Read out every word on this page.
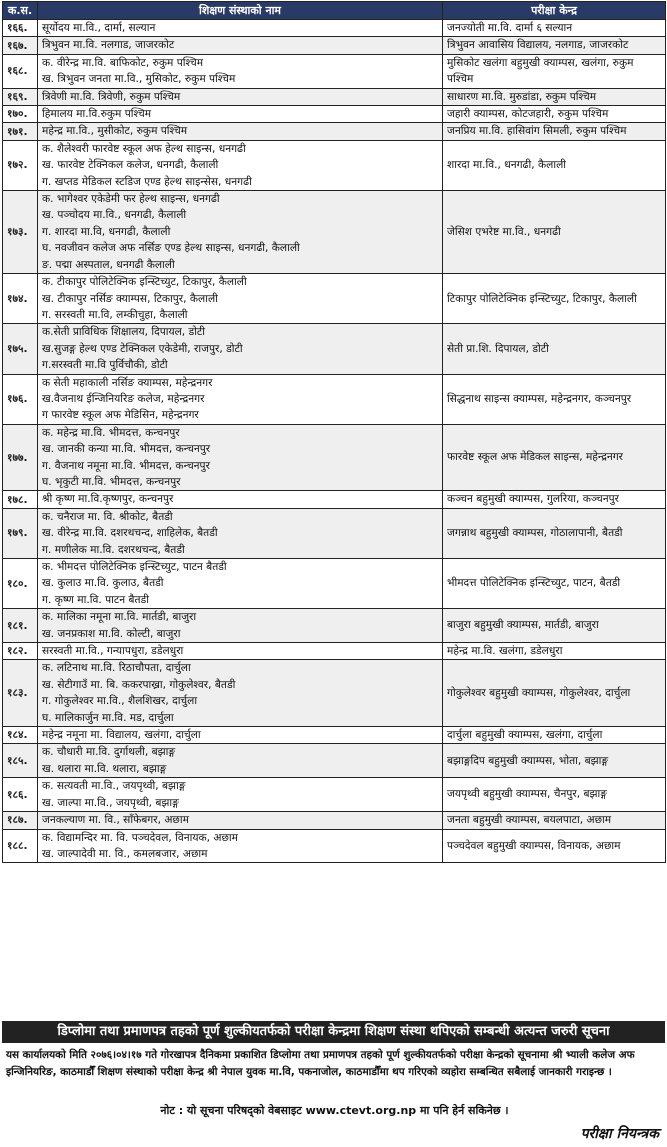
क.स.	शिक्षण संस्थाको नाम	परीक्षा केन्द्र
१६६.	सूर्योदय मा.वि., दार्मा, सल्यान	जनज्योती मा.वि. दार्मा ६ सल्यान

१६७.	त्रिभुवन मा.वि. नलगाड, जाजरकोट	त्रिभुवन आवासिय विद्यालय, नलगाड, जाजरकोट

१६८.	क. वीरेन्द्र मा.वि. बाफिकोट, रुकुम पश्चिम
ख. त्रिभुवन जनता मा.वि., मुसिकोट, रुकुम पश्चिम	मुसिकोट खलंगा बहुमुखी क्याम्पस, खलंगा, रुकुम पश्चिम

१६९.	त्रिवेणी मा.वि. त्रिवेणी, रुकुम पश्चिम	साधारण मा.वि. मुरुडांडा, रुकुम पश्चिम

१७०.	हिमालय मा.वि.रुकुम पश्चिम	जहारी क्याम्पस, कोटजहारी, रुकुम पश्चिम

१७१.	महेन्द्र मा.वि., मुसीकोट, रुकुम पश्चिम	जनप्रिय मा.वि. हासिवांग सिमली, रुकुम पश्चिम

१७२.	क. शैलेश्वरी फारवेष्ट स्कूल अफ हेल्थ साइन्स, धनगढी
ख. फारवेष्ट टेक्निकल कलेज, धनगढी, कैलाली
ग. खप्तड मेडिकल स्टडिज एण्ड हेल्थ साइन्सेस, धनगढी	शारदा मा.वि., धनगढी, कैलाली

१७३.	क. भागेश्वर एकेडेमी फर हेल्थ साइन्स, धनगढी
ख. पञ्चोदय मा.वि., धनगढी, कैलाली
ग. शारदा मा.वि, धनगढी, कैलाली
घ. नवजीवन कलेज अफ नर्सिङ एण्ड हेल्थ साइन्स, धनगढी, कैलाली
ङ. पद्मा अस्पताल, धनगढी कैलाली	जेसिश एभरेष्ट मा.वि., धनगढी

१७४.	क. टीकापुर पोलिटेक्निक इन्स्टिच्युट, टिकापुर, कैलाली
ख. टीकापुर नर्सिङ क्याम्पस, टिकापुर, कैलाली
ग. सरस्वती मा.वि, लम्कीचुहा, कैलाली	टिकापुर पोलिटेक्निक इन्स्टिच्युट, टिकापुर, कैलाली

१७५.	क.सेती प्राविधिक शिक्षालय, दिपायल, डोटी
ख.सुजङ्ग हेल्थ एण्ड टेक्निकल एकेडेमी, राजपुर, डोटी
ग.सरस्वती मा.वि पुर्विचौकी, डोटी	सेती प्रा.शि. दिपायल, डोटी

१७६.	क सेती महाकाली नर्सिङ क्याम्पस, महेन्द्रनगर
ख.वैजनाथ ईन्जिनियरिङ कलेज, महेन्द्रनगर
ग फारवेष्ट स्कूल अफ मेडिसिन, महेन्द्रनगर	सिद्धनाथ साइन्स क्याम्पस, महेन्द्रनगर, कञ्चनपुर

१७७.	क. महेन्द्र मा.वि. भीमदत्त, कन्चनपुर
ख. जानकी कन्या मा.वि. भीमदत्त, कन्चनपुर
ग. वैजनाथ नमूना मा.वि. भीमदत्त, कन्चनपुर
घ. भृकुटी मा.वि. भीमदत्त, कन्चनपुर	फारवेष्ट स्कूल अफ मेडिकल साइन्स, महेन्द्रनगर

१७८.	श्री कृष्ण मा.वि.कृष्णपुर, कन्चनपुर	कञ्चन बहुमुखी क्याम्पस, गुलरिया, कञ्चनपुर

१७९.	क. चनैराज मा. वि. श्रीकोट, बैतडी
ख. वीरेन्द्र मा.वि. दशरथचन्द, शाहिलेक, बैतडी
ग. मणीलेक मा.वि. दशरथचन्द, बैतडी	जगन्नाथ बहुमुखी क्याम्पस, गोठालापानी, बैतडी

१८०.	क. भीमदत्त पोलिटेक्निक इन्स्टिच्युट, पाटन बैतडी
ख. कुलाउ मा.वि. कुलाउ, बैतडी
ग. कृष्ण मा.वि. पाटन बैतडी	भीमदत्त पोलिटेक्निक इन्स्टिच्युट, पाटन, बैतडी

१८१.	क. मालिका नमूना मा.वि. मार्तडी, बाजुरा
ख. जनप्रकाश मा.वि. कोल्टी, बाजुरा	बाजुरा बहुमुखी क्याम्पस, मार्तडी, बाजुरा

१८२.	सरस्वती मा.वि., गन्यापधुरा, डडेलधुरा	महेन्द्र मा.वि. खलंगा, डडेलधुरा

१८३.	क. लटिनाथ मा.वि. रिठाचौपता, दार्चुला
ख. सेटीगाउँ मा. बि. ककरपाख्रा, गोकुलेश्वर, बैतडी
ग. गोकुलेश्वर मा.वि., शैलशिखर, दार्चुला
घ. मालिकार्जुन मा.वि. मड, दार्चुला	गोकुलेश्वर बहुमुखी क्याम्पस, गोकुलेश्वर, दार्चुला

१८४.	महेन्द्र नमूना मा. विद्यालय, खलंगा, दार्चुला	दार्चुला बहुमुखी क्याम्पस, खलंगा, दार्चुला

१८५.	क. चौधारी मा.वि. दुर्गाथली, बझाङ्ग
ख. थलारा मा.वि. थलारा, बझाङ्ग	बझाङ्गदिप बहुमुखी क्याम्पस, भोता, बझाङ्ग

१८६.	क. सत्यवती मा.वि., जयपृथ्वी, बझाङ्ग
ख. जाल्पा मा.वि., जयपृथ्वी, बझाङ्ग	जयपृथ्वी बहुमुखी क्याम्पस, चैनपुर, बझाङ्ग

१८७.	जनकल्याण मा. वि., साँफेबगर, अछाम	जनता बहुमुखी क्याम्पस, बयलपाटा, अछाम

१८८.	क. विद्यामन्दिर मा. वि. पञ्चदेवल, विनायक, अछाम
ख. जाल्पादेवी मा. वि., कमलबजार, अछाम	पञ्चदेवल बहुमुखी क्याम्पस, विनायक, अछाम
डिप्लोमा तथा प्रमाणपत्र तहको पूर्ण शुल्कीयतर्फको परीक्षा केन्द्रमा शिक्षण संस्था थपिएको सम्बन्धी अत्यन्त जरुरी सूचना
यस कार्यालयको मिति २०७६।०४।१७ गते गोरखापत्र दैनिकमा प्रकाशित डिप्लोमा तथा प्रमाणपत्र तहको पूर्ण शुल्कीयतर्फको परीक्षा केन्द्रको सूचनामा श्री भ्याली कलेज अफ इन्जिनियरिङ, काठमाडौँ शिक्षण संस्थाको परीक्षा केन्द्र श्री नेपाल युवक मा.वि, पकनाजोल, काठमाडौँमा थप गरिएको व्यहोरा सम्बन्धित सबैलाई जानकारी गराइन्छ ।
नोट : यो सूचना परिषद्को वेबसाइट www.ctevt.org.np मा पनि हेर्न सकिनेछ ।
परीक्षा नियन्त्रक
